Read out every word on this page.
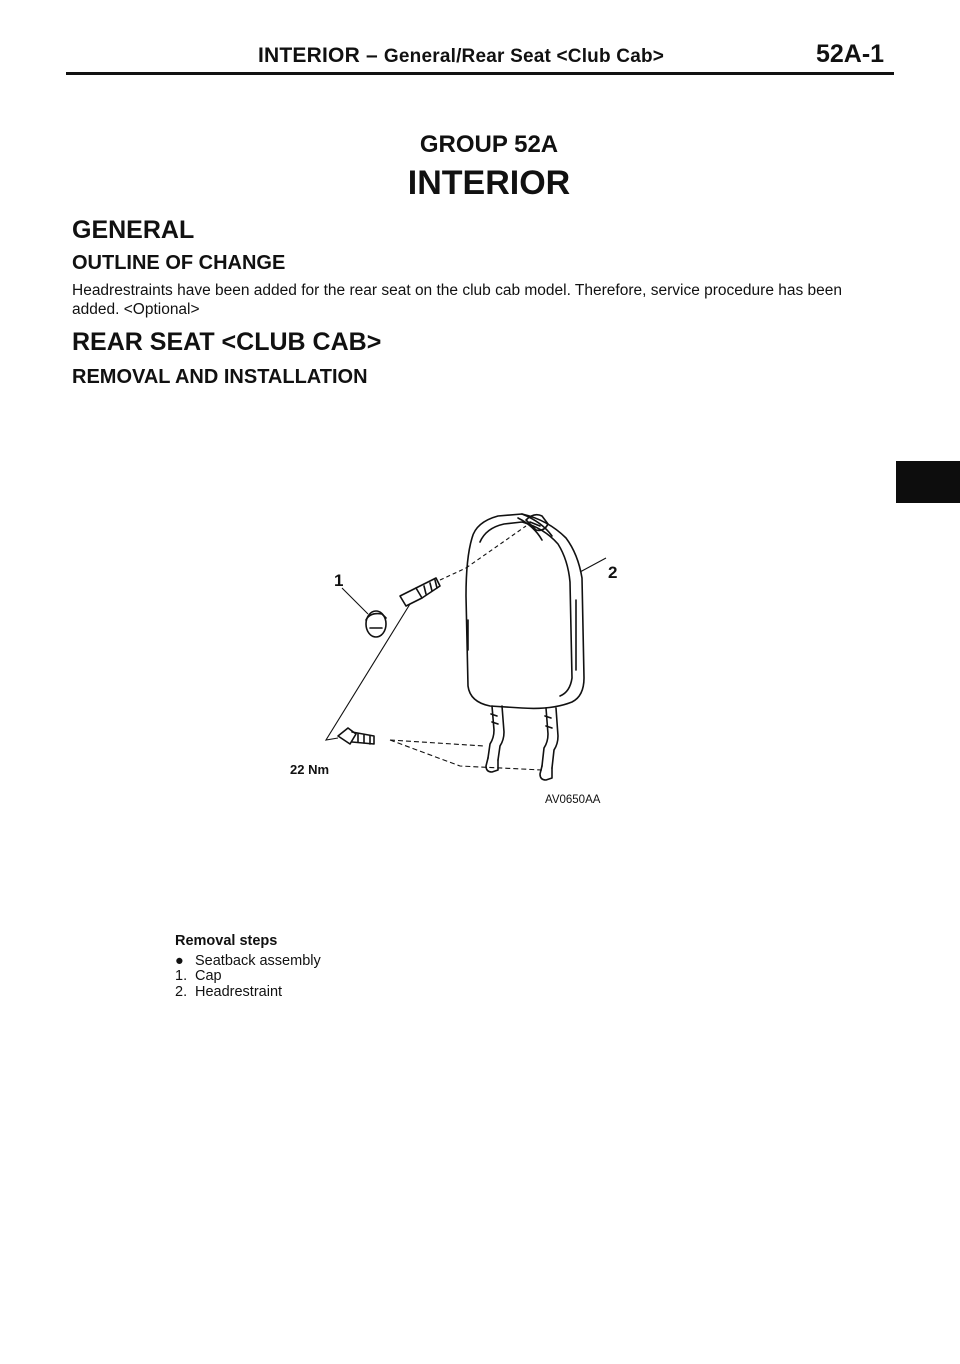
INTERIOR – General/Rear Seat <Club Cab>	52A-1
GROUP 52A
INTERIOR
GENERAL
OUTLINE OF CHANGE
Headrestraints have been added for the rear seat on the club cab model. Therefore, service procedure has been added. <Optional>
REAR SEAT <CLUB CAB>
REMOVAL AND INSTALLATION
1	2
22 Nm
AV0650AA
Removal steps
● Seatback assembly
1. Cap
2. Headrestraint
